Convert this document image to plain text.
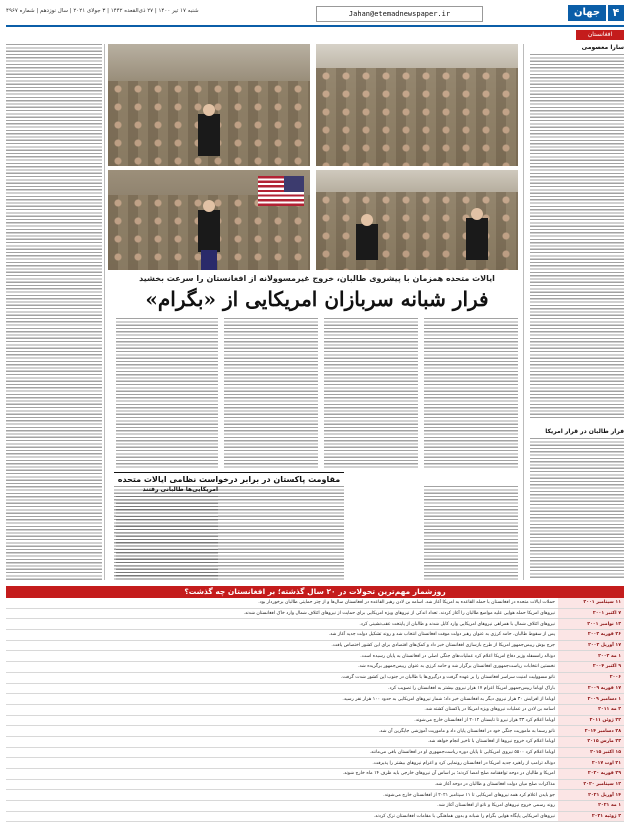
۴
جهان
Jahan@etemadnewspaper.ir
شنبه ۱۷ تیر ۱۴۰۰ | ۲۷ ذی‌القعده ۱۴۴۲ | ۳ جولای ۲۰۲۱ | سال نوزدهم | شماره ۴۹۶۷
افغانستان
سارا معصومی
فرار طالبان در قرار امریکا
ایالات متحده همزمان با پیشروی طالبان، خروج غیرمسوولانه از افغانستان را سرعت بخشید
فرار شبانه سربازان امریکایی از «بگرام»
مقاومت پاکستان در برابر درخواست نظامی ایالات متحده
امریکایی‌ها طالبانی رفتند
روزشمار مهم‌ترین تحولات در ۲۰ سال گذشته؛ بر افغانستان چه گذشت؟
۱۱ سپتامبر ۲۰۰۱	حملات ایالات متحده در افغانستان با حمله القاعده به امریکا آغاز شد. اسامه بن لادن رهبر القاعده در افغانستان سال‌ها و از چتر حمایتی طالبان برخوردار بود.
۷ اکتبر ۲۰۰۱	نیروهای امریکا حمله هوایی علیه مواضع طالبان را آغاز کردند. تعداد اندکی از نیروهای ویژه امریکایی برای حمایت از نیروهای ائتلاف شمال وارد خاک افغانستان شدند.
۱۳ نوامبر ۲۰۰۱	نیروهای ائتلاف شمال با همراهی نیروهای امریکایی وارد کابل شدند و طالبان از پایتخت عقب‌نشینی کرد.
۲۶ فوریه ۲۰۰۲	پس از سقوط طالبان، حامد کرزی به عنوان رهبر دولت موقت افغانستان انتخاب شد و روند تشکیل دولت جدید آغاز شد.
۱۷ آوریل ۲۰۰۲	جرج بوش رییس‌جمهور امریکا از طرح بازسازی افغانستان خبر داد و کمک‌های اقتصادی برای این کشور اختصاص یافت.
۱ مه ۲۰۰۳	دونالد رامسفلد وزیر دفاع امریکا اعلام کرد عملیات‌های جنگی اصلی در افغانستان به پایان رسیده است.
۹ اکتبر ۲۰۰۴	نخستین انتخابات ریاست‌جمهوری افغانستان برگزار شد و حامد کرزی به عنوان رییس‌جمهور برگزیده شد.
۲۰۰۶	ناتو مسوولیت امنیت سراسر افغانستان را بر عهده گرفت و درگیری‌ها با طالبان در جنوب این کشور شدت گرفت.
۱۷ فوریه ۲۰۰۹	باراک اوباما رییس‌جمهور امریکا اعزام ۱۷ هزار نیروی بیشتر به افغانستان را تصویب کرد.
۱ دسامبر ۲۰۰۹	اوباما از افزایش ۳۰ هزار نیروی دیگر به افغانستان خبر داد؛ شمار نیروهای امریکایی به حدود ۱۰۰ هزار نفر رسید.
۲ مه ۲۰۱۱	اسامه بن لادن در عملیات نیروهای ویژه امریکا در پاکستان کشته شد.
۲۲ ژوئن ۲۰۱۱	اوباما اعلام کرد ۳۳ هزار نیرو تا تابستان ۲۰۱۲ از افغانستان خارج می‌شوند.
۲۸ دسامبر ۲۰۱۴	ناتو رسما به ماموریت جنگی خود در افغانستان پایان داد و ماموریت آموزشی جایگزین آن شد.
۲۳ مارس ۲۰۱۵	اوباما اعلام کرد خروج نیروها از افغانستان با تاخیر انجام خواهد شد.
۱۵ اکتبر ۲۰۱۵	اوباما اعلام کرد ۵۵۰۰ نیروی امریکایی تا پایان دوره ریاست‌جمهوری او در افغانستان باقی می‌مانند.
۲۱ اوت ۲۰۱۷	دونالد ترامپ از راهبرد جدید امریکا در افغانستان رونمایی کرد و اعزام نیروهای بیشتر را پذیرفت.
۲۹ فوریه ۲۰۲۰	امریکا و طالبان در دوحه توافقنامه صلح امضا کردند؛ بر اساس آن نیروهای خارجی باید ظرف ۱۴ ماه خارج شوند.
۱۲ سپتامبر ۲۰۲۰	مذاکرات صلح میان دولت افغانستان و طالبان در دوحه آغاز شد.
۱۴ آوریل ۲۰۲۱	جو بایدن اعلام کرد همه نیروهای امریکایی تا ۱۱ سپتامبر ۲۰۲۱ از افغانستان خارج می‌شوند.
۱ مه ۲۰۲۱	روند رسمی خروج نیروهای امریکا و ناتو از افغانستان آغاز شد.
۲ ژوئیه ۲۰۲۱	نیروهای امریکایی پایگاه هوایی بگرام را شبانه و بدون هماهنگی با مقامات افغانستان ترک کردند.
